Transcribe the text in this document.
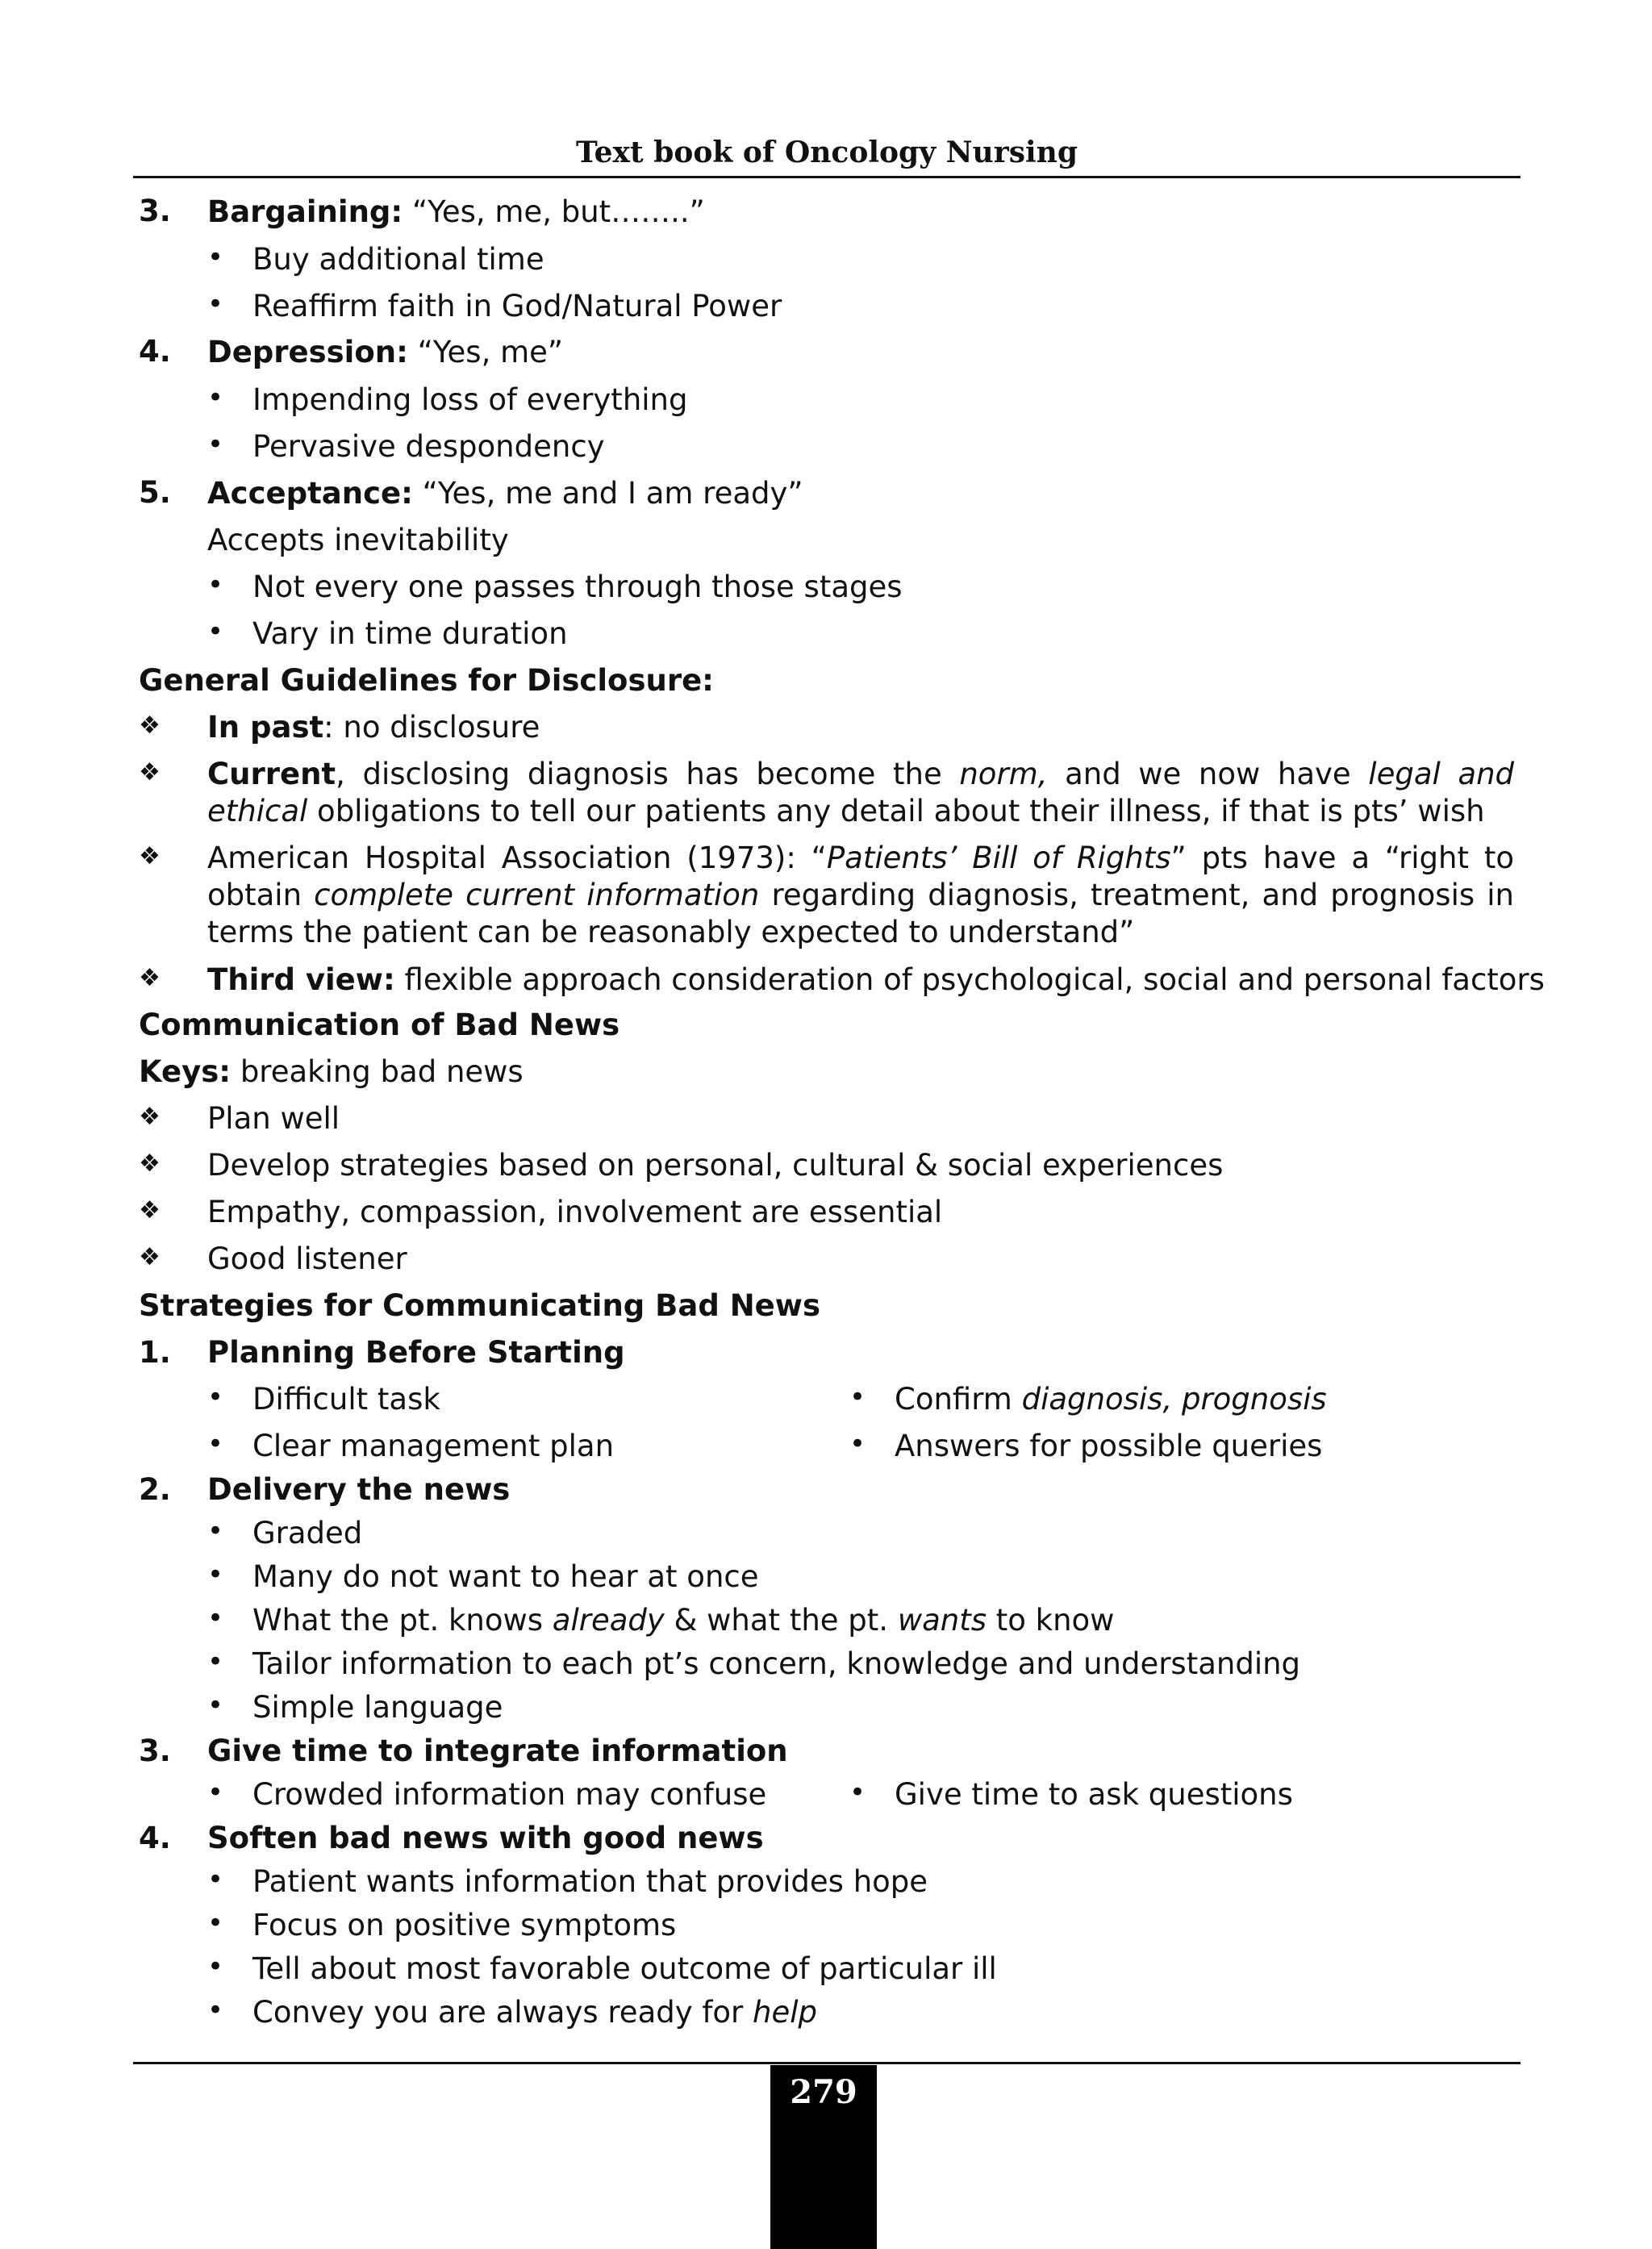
Text book of Oncology Nursing
3. Bargaining: “Yes, me, but……..”
• Buy additional time
• Reaffirm faith in God/Natural Power
4. Depression: “Yes, me”
• Impending loss of everything
• Pervasive despondency
5. Acceptance: “Yes, me and I am ready”
Accepts inevitability
• Not every one passes through those stages
• Vary in time duration
General Guidelines for Disclosure:
❖ In past: no disclosure
❖ Current, disclosing diagnosis has become the norm, and we now have legal and ethical obligations to tell our patients any detail about their illness, if that is pts’ wish
❖ American Hospital Association (1973): “Patients’ Bill of Rights” pts have a “right to obtain complete current information regarding diagnosis, treatment, and prognosis in terms the patient can be reasonably expected to understand”
❖ Third view: flexible approach consideration of psychological, social and personal factors
Communication of Bad News
Keys: breaking bad news
❖ Plan well
❖ Develop strategies based on personal, cultural & social experiences
❖ Empathy, compassion, involvement are essential
❖ Good listener
Strategies for Communicating Bad News
1. Planning Before Starting
• Difficult task	• Confirm diagnosis, prognosis
• Clear management plan	• Answers for possible queries
2. Delivery the news
• Graded
• Many do not want to hear at once
• What the pt. knows already & what the pt. wants to know
• Tailor information to each pt’s concern, knowledge and understanding
• Simple language
3. Give time to integrate information
• Crowded information may confuse	• Give time to ask questions
4. Soften bad news with good news
• Patient wants information that provides hope
• Focus on positive symptoms
• Tell about most favorable outcome of particular ill
• Convey you are always ready for help
279
